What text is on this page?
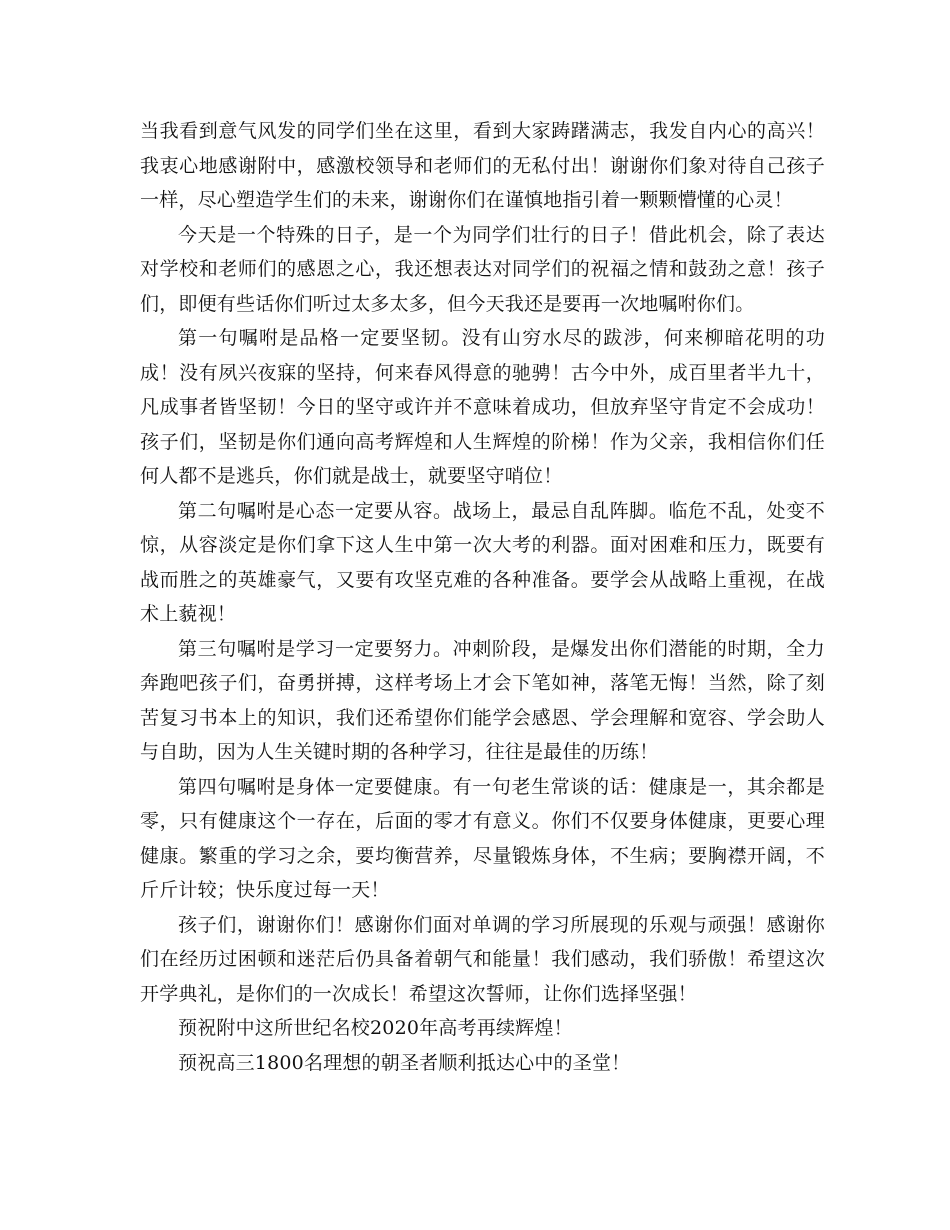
当我看到意气风发的同学们坐在这里，看到大家踌躇满志，我发自内心的高兴！我衷心地感谢附中，感激校领导和老师们的无私付出！谢谢你们象对待自己孩子一样，尽心塑造学生们的未来，谢谢你们在谨慎地指引着一颗颗懵懂的心灵！

今天是一个特殊的日子，是一个为同学们壮行的日子！借此机会，除了表达对学校和老师们的感恩之心，我还想表达对同学们的祝福之情和鼓劲之意！孩子们，即便有些话你们听过太多太多，但今天我还是要再一次地嘱咐你们。

第一句嘱咐是品格一定要坚韧。没有山穷水尽的跋涉，何来柳暗花明的功成！没有夙兴夜寐的坚持，何来春风得意的驰骋！古今中外，成百里者半九十，凡成事者皆坚韧！今日的坚守或许并不意味着成功，但放弃坚守肯定不会成功！孩子们，坚韧是你们通向高考辉煌和人生辉煌的阶梯！作为父亲，我相信你们任何人都不是逃兵，你们就是战士，就要坚守哨位！

第二句嘱咐是心态一定要从容。战场上，最忌自乱阵脚。临危不乱，处变不惊，从容淡定是你们拿下这人生中第一次大考的利器。面对困难和压力，既要有战而胜之的英雄豪气，又要有攻坚克难的各种准备。要学会从战略上重视，在战术上藐视！

第三句嘱咐是学习一定要努力。冲刺阶段，是爆发出你们潜能的时期，全力奔跑吧孩子们，奋勇拼搏，这样考场上才会下笔如神，落笔无悔！当然，除了刻苦复习书本上的知识，我们还希望你们能学会感恩、学会理解和宽容、学会助人与自助，因为人生关键时期的各种学习，往往是最佳的历练！

第四句嘱咐是身体一定要健康。有一句老生常谈的话：健康是一，其余都是零，只有健康这个一存在，后面的零才有意义。你们不仅要身体健康，更要心理健康。繁重的学习之余，要均衡营养，尽量锻炼身体，不生病；要胸襟开阔，不斤斤计较；快乐度过每一天！

孩子们，谢谢你们！感谢你们面对单调的学习所展现的乐观与顽强！感谢你们在经历过困顿和迷茫后仍具备着朝气和能量！我们感动，我们骄傲！希望这次开学典礼，是你们的一次成长！希望这次誓师，让你们选择坚强！

预祝附中这所世纪名校2020年高考再续辉煌！

预祝高三1800名理想的朝圣者顺利抵达心中的圣堂！
